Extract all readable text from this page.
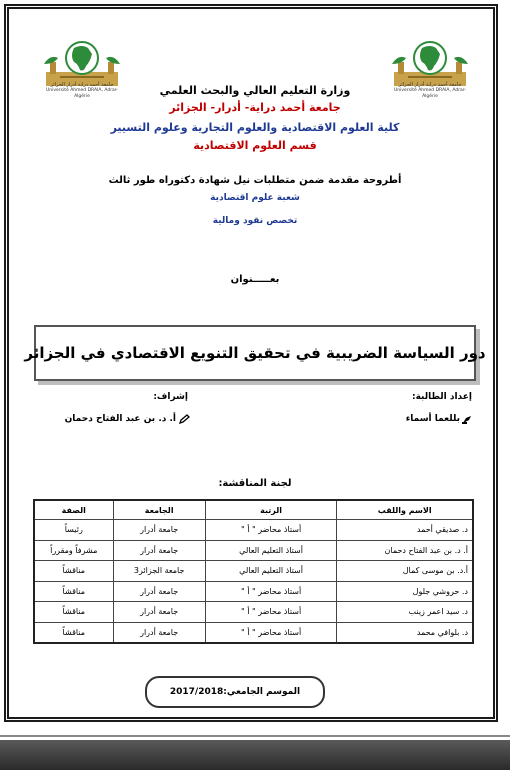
جامعة أحمد دراية أدرار الجزائر
Université Ahmed DRAIA, Adrar-Algérie
جامعة أحمد دراية أدرار الجزائر
Université Ahmed DRAIA, Adrar-Algérie	وزارة التعليم العالي والبحث العلمي
جامعة أحمد دراية- أدرار- الجزائر
كلية العلوم الاقتصادية والعلوم التجارية وعلوم التسيير
قسم العلوم الاقتصادية
أطروحة مقدمة ضمن متطلبات نيل شهادة دكتوراه طور ثالث
شعبة علوم اقتصادية
تخصص نقود ومالية
بعـــــنوان
دور السياسة الضريبية في تحقيق التنويع الاقتصادي في الجزائر
إعداد الطالبة:
إشراف:
بللعما أسماء
أ. د. بن عبد الفتاح دحمان
لجنة المناقشة:
الاسم واللقب	الرتبة	الجامعة	الصفة
د. صديقي أحمد	أستاذ محاضر " أ "	جامعة أدرار	رئيساً
أ. د. بن عبد الفتاح دحمان	أستاذ التعليم العالي	جامعة أدرار	مشرفاً ومقرراً
أ.د. بن موسى كمال	أستاذ التعليم العالي	جامعة الجزائر3	مناقشاً
د. حروشي جلول	أستاذ محاضر " أ "	جامعة أدرار	مناقشاً
د. سيد اعمر زينب	أستاذ محاضر " أ "	جامعة أدرار	مناقشاً
د. بلوافي محمد	أستاذ محاضر " أ "	جامعة أدرار	مناقشاً
الموسم الجامعي:2017/2018
